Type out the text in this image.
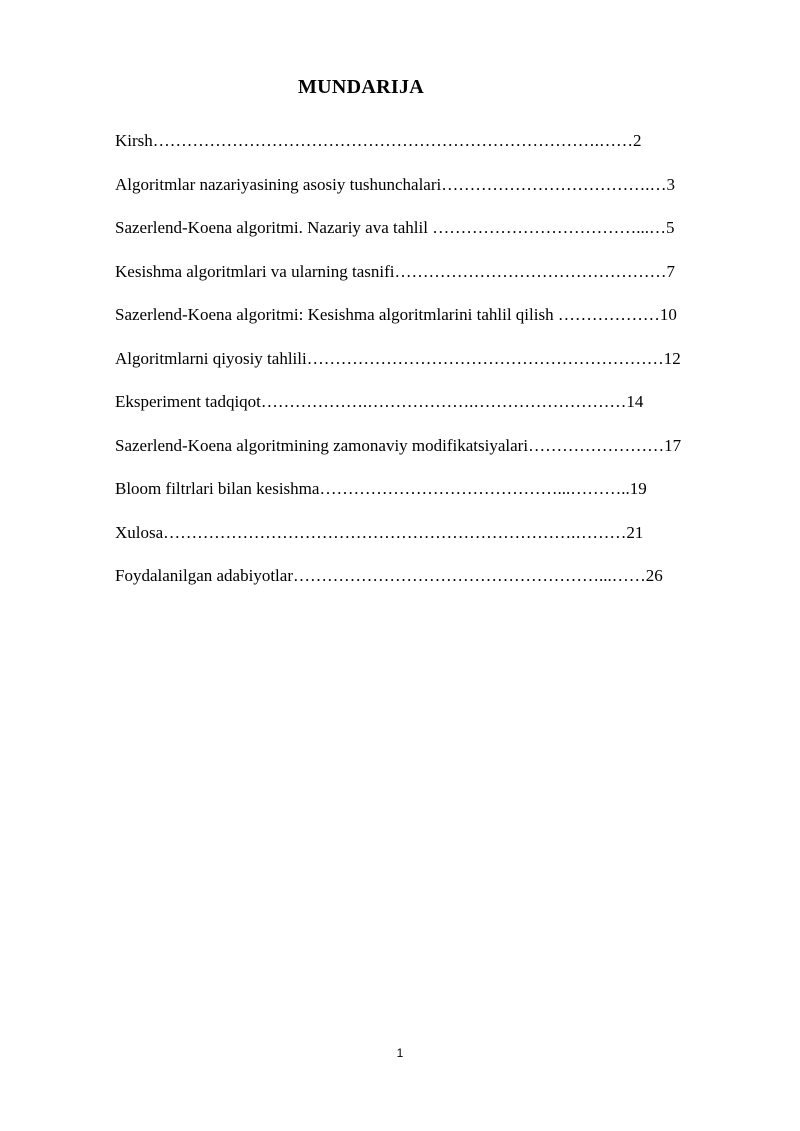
MUNDARIJA
Kirsh…………………………………………………………………….……2
Algoritmlar nazariyasining asosiy tushunchalari……………………………….…3
Sazerlend-Koena algoritmi. Nazariy ava tahlil ………………………………...…5
Kesishma algoritmlari va ularning tasnifi…………………………………………7
Sazerlend-Koena algoritmi: Kesishma algoritmlarini tahlil qilish ………………10
Algoritmlarni qiyosiy tahlili………………………………………………………12
Eksperiment tadqiqot……………….……………….………………………14
Sazerlend-Koena algoritmining zamonaviy modifikatsiyalari……………………17
Bloom filtrlari bilan kesishma……………………………………...………..19
Xulosa……………………………………………………………….………21
Foydalanilgan adabiyotlar………………………………………………...……26
1
